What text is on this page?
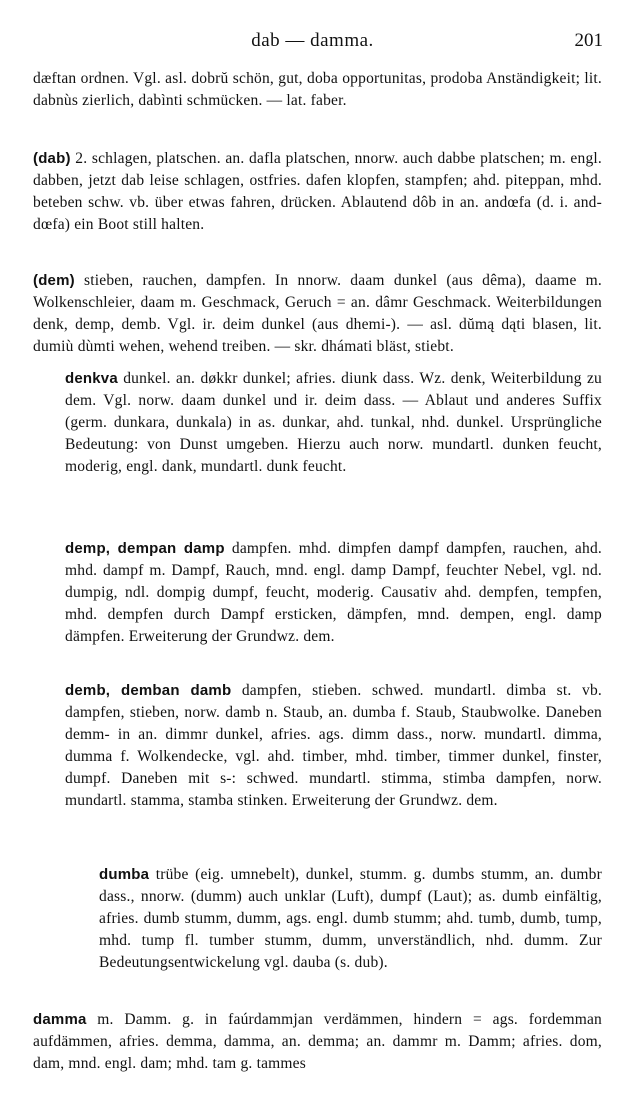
dab — damma.	201

dæftan ordnen. Vgl. asl. dobrŭ schön, gut, doba opportunitas, prodoba Anständigkeit; lit. dabnùs zierlich, dabìnti schmücken. — lat. faber.

(dab) 2. schlagen, platschen. an. dafla platschen, nnorw. auch dabbe platschen; m. engl. dabben, jetzt dab leise schlagen, ostfries. dafen klopfen, stampfen; ahd. piteppan, mhd. beteben schw. vb. über etwas fahren, drücken. Ablautend dôb in an. andœfa (d. i. and-dœfa) ein Boot still halten.

(dem) stieben, rauchen, dampfen. In nnorw. daam dunkel (aus dêma), daame m. Wolkenschleier, daam m. Geschmack, Geruch = an. dâmr Geschmack. Weiterbildungen denk, demp, demb. Vgl. ir. deim dunkel (aus dhemi-). — asl. dŭmą dąti blasen, lit. dumiù dùmti wehen, wehend treiben. — skr. dhámati bläst, stiebt.

denkva dunkel. an. døkkr dunkel; afries. diunk dass. Wz. denk, Weiterbildung zu dem. Vgl. norw. daam dunkel und ir. deim dass. — Ablaut und anderes Suffix (germ. dunkara, dunkala) in as. dunkar, ahd. tunkal, nhd. dunkel. Ursprüngliche Bedeutung: von Dunst umgeben. Hierzu auch norw. mundartl. dunken feucht, moderig, engl. dank, mundartl. dunk feucht.

demp, dempan damp dampfen. mhd. dimpfen dampf dampfen, rauchen, ahd. mhd. dampf m. Dampf, Rauch, mnd. engl. damp Dampf, feuchter Nebel, vgl. nd. dumpig, ndl. dompig dumpf, feucht, moderig. Causativ ahd. dempfen, tempfen, mhd. dempfen durch Dampf ersticken, dämpfen, mnd. dempen, engl. damp dämpfen. Erweiterung der Grundwz. dem.

demb, demban damb dampfen, stieben. schwed. mundartl. dimba st. vb. dampfen, stieben, norw. damb n. Staub, an. dumba f. Staub, Staubwolke. Daneben demm- in an. dimmr dunkel, afries. ags. dimm dass., norw. mundartl. dimma, dumma f. Wolkendecke, vgl. ahd. timber, mhd. timber, timmer dunkel, finster, dumpf. Daneben mit s-: schwed. mundartl. stimma, stimba dampfen, norw. mundartl. stamma, stamba stinken. Erweiterung der Grundwz. dem.

dumba trübe (eig. umnebelt), dunkel, stumm. g. dumbs stumm, an. dumbr dass., nnorw. (dumm) auch unklar (Luft), dumpf (Laut); as. dumb einfältig, afries. dumb stumm, dumm, ags. engl. dumb stumm; ahd. tumb, dumb, tump, mhd. tump fl. tumber stumm, dumm, unverständlich, nhd. dumm. Zur Bedeutungsentwickelung vgl. dauba (s. dub).

damma m. Damm. g. in faúrdammjan verdämmen, hindern = ags. fordemman aufdämmen, afries. demma, damma, an. demma; an. dammr m. Damm; afries. dom, dam, mnd. engl. dam; mhd. tam g. tammes
